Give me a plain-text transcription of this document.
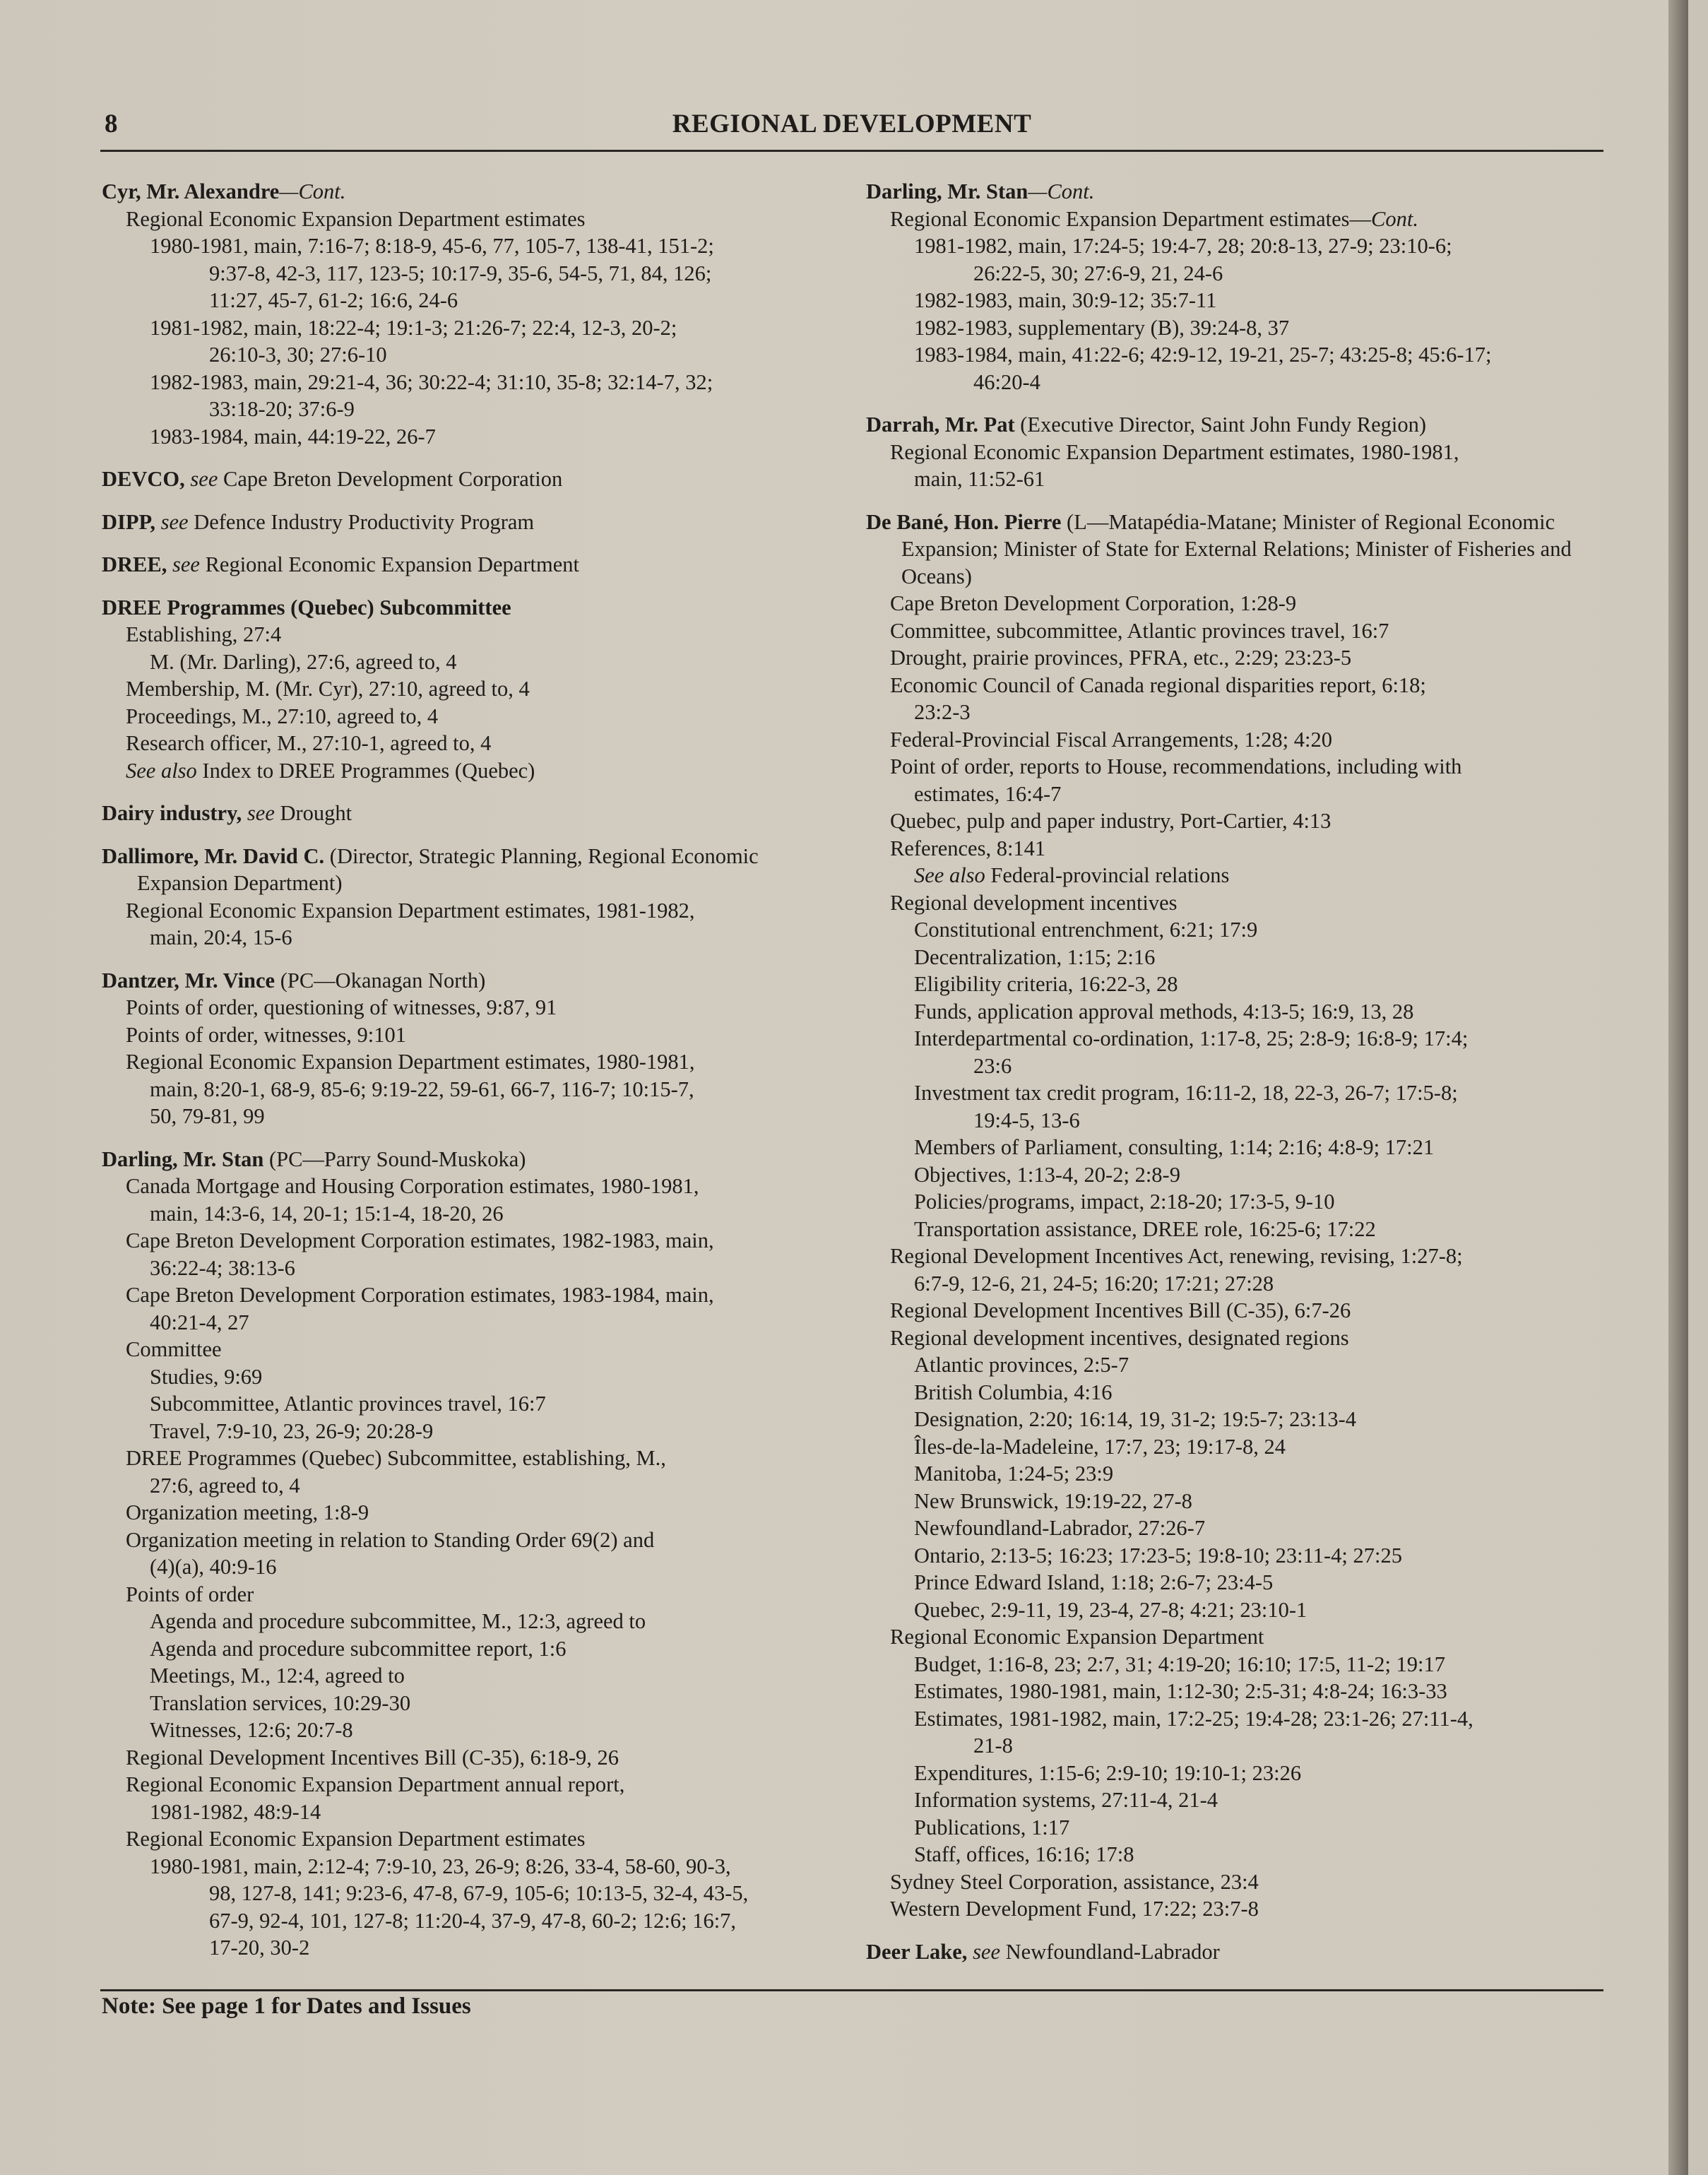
8	REGIONAL DEVELOPMENT
Cyr, Mr. Alexandre—Cont.
Regional Economic Expansion Department estimates
1980-1981, main, 7:16-7; 8:18-9, 45-6, 77, 105-7, 138-41, 151-2;
9:37-8, 42-3, 117, 123-5; 10:17-9, 35-6, 54-5, 71, 84, 126;
11:27, 45-7, 61-2; 16:6, 24-6
1981-1982, main, 18:22-4; 19:1-3; 21:26-7; 22:4, 12-3, 20-2;
26:10-3, 30; 27:6-10
1982-1983, main, 29:21-4, 36; 30:22-4; 31:10, 35-8; 32:14-7, 32;
33:18-20; 37:6-9
1983-1984, main, 44:19-22, 26-7
DEVCO, see Cape Breton Development Corporation
DIPP, see Defence Industry Productivity Program
DREE, see Regional Economic Expansion Department
DREE Programmes (Quebec) Subcommittee
Establishing, 27:4
M. (Mr. Darling), 27:6, agreed to, 4
Membership, M. (Mr. Cyr), 27:10, agreed to, 4
Proceedings, M., 27:10, agreed to, 4
Research officer, M., 27:10-1, agreed to, 4
See also Index to DREE Programmes (Quebec)
Dairy industry, see Drought
Dallimore, Mr. David C. (Director, Strategic Planning, Regional Economic Expansion Department)
Regional Economic Expansion Department estimates, 1981-1982,
main, 20:4, 15-6
Dantzer, Mr. Vince (PC—Okanagan North)
Points of order, questioning of witnesses, 9:87, 91
Points of order, witnesses, 9:101
Regional Economic Expansion Department estimates, 1980-1981,
main, 8:20-1, 68-9, 85-6; 9:19-22, 59-61, 66-7, 116-7; 10:15-7,
50, 79-81, 99
Darling, Mr. Stan (PC—Parry Sound-Muskoka)
Canada Mortgage and Housing Corporation estimates, 1980-1981,
main, 14:3-6, 14, 20-1; 15:1-4, 18-20, 26
Cape Breton Development Corporation estimates, 1982-1983, main,
36:22-4; 38:13-6
Cape Breton Development Corporation estimates, 1983-1984, main,
40:21-4, 27
Committee
Studies, 9:69
Subcommittee, Atlantic provinces travel, 16:7
Travel, 7:9-10, 23, 26-9; 20:28-9
DREE Programmes (Quebec) Subcommittee, establishing, M.,
27:6, agreed to, 4
Organization meeting, 1:8-9
Organization meeting in relation to Standing Order 69(2) and
(4)(a), 40:9-16
Points of order
Agenda and procedure subcommittee, M., 12:3, agreed to
Agenda and procedure subcommittee report, 1:6
Meetings, M., 12:4, agreed to
Translation services, 10:29-30
Witnesses, 12:6; 20:7-8
Regional Development Incentives Bill (C-35), 6:18-9, 26
Regional Economic Expansion Department annual report,
1981-1982, 48:9-14
Regional Economic Expansion Department estimates
1980-1981, main, 2:12-4; 7:9-10, 23, 26-9; 8:26, 33-4, 58-60, 90-3,
98, 127-8, 141; 9:23-6, 47-8, 67-9, 105-6; 10:13-5, 32-4, 43-5,
67-9, 92-4, 101, 127-8; 11:20-4, 37-9, 47-8, 60-2; 12:6; 16:7,
17-20, 30-2
Darling, Mr. Stan—Cont.
Regional Economic Expansion Department estimates—Cont.
1981-1982, main, 17:24-5; 19:4-7, 28; 20:8-13, 27-9; 23:10-6;
26:22-5, 30; 27:6-9, 21, 24-6
1982-1983, main, 30:9-12; 35:7-11
1982-1983, supplementary (B), 39:24-8, 37
1983-1984, main, 41:22-6; 42:9-12, 19-21, 25-7; 43:25-8; 45:6-17;
46:20-4
Darrah, Mr. Pat (Executive Director, Saint John Fundy Region)
Regional Economic Expansion Department estimates, 1980-1981,
main, 11:52-61
De Bané, Hon. Pierre (L—Matapédia-Matane; Minister of Regional Economic Expansion; Minister of State for External Relations; Minister of Fisheries and Oceans)
Cape Breton Development Corporation, 1:28-9
Committee, subcommittee, Atlantic provinces travel, 16:7
Drought, prairie provinces, PFRA, etc., 2:29; 23:23-5
Economic Council of Canada regional disparities report, 6:18;
23:2-3
Federal-Provincial Fiscal Arrangements, 1:28; 4:20
Point of order, reports to House, recommendations, including with
estimates, 16:4-7
Quebec, pulp and paper industry, Port-Cartier, 4:13
References, 8:141
See also Federal-provincial relations
Regional development incentives
Constitutional entrenchment, 6:21; 17:9
Decentralization, 1:15; 2:16
Eligibility criteria, 16:22-3, 28
Funds, application approval methods, 4:13-5; 16:9, 13, 28
Interdepartmental co-ordination, 1:17-8, 25; 2:8-9; 16:8-9; 17:4;
23:6
Investment tax credit program, 16:11-2, 18, 22-3, 26-7; 17:5-8;
19:4-5, 13-6
Members of Parliament, consulting, 1:14; 2:16; 4:8-9; 17:21
Objectives, 1:13-4, 20-2; 2:8-9
Policies/programs, impact, 2:18-20; 17:3-5, 9-10
Transportation assistance, DREE role, 16:25-6; 17:22
Regional Development Incentives Act, renewing, revising, 1:27-8;
6:7-9, 12-6, 21, 24-5; 16:20; 17:21; 27:28
Regional Development Incentives Bill (C-35), 6:7-26
Regional development incentives, designated regions
Atlantic provinces, 2:5-7
British Columbia, 4:16
Designation, 2:20; 16:14, 19, 31-2; 19:5-7; 23:13-4
Îles-de-la-Madeleine, 17:7, 23; 19:17-8, 24
Manitoba, 1:24-5; 23:9
New Brunswick, 19:19-22, 27-8
Newfoundland-Labrador, 27:26-7
Ontario, 2:13-5; 16:23; 17:23-5; 19:8-10; 23:11-4; 27:25
Prince Edward Island, 1:18; 2:6-7; 23:4-5
Quebec, 2:9-11, 19, 23-4, 27-8; 4:21; 23:10-1
Regional Economic Expansion Department
Budget, 1:16-8, 23; 2:7, 31; 4:19-20; 16:10; 17:5, 11-2; 19:17
Estimates, 1980-1981, main, 1:12-30; 2:5-31; 4:8-24; 16:3-33
Estimates, 1981-1982, main, 17:2-25; 19:4-28; 23:1-26; 27:11-4,
21-8
Expenditures, 1:15-6; 2:9-10; 19:10-1; 23:26
Information systems, 27:11-4, 21-4
Publications, 1:17
Staff, offices, 16:16; 17:8
Sydney Steel Corporation, assistance, 23:4
Western Development Fund, 17:22; 23:7-8
Deer Lake, see Newfoundland-Labrador
Note: See page 1 for Dates and Issues
